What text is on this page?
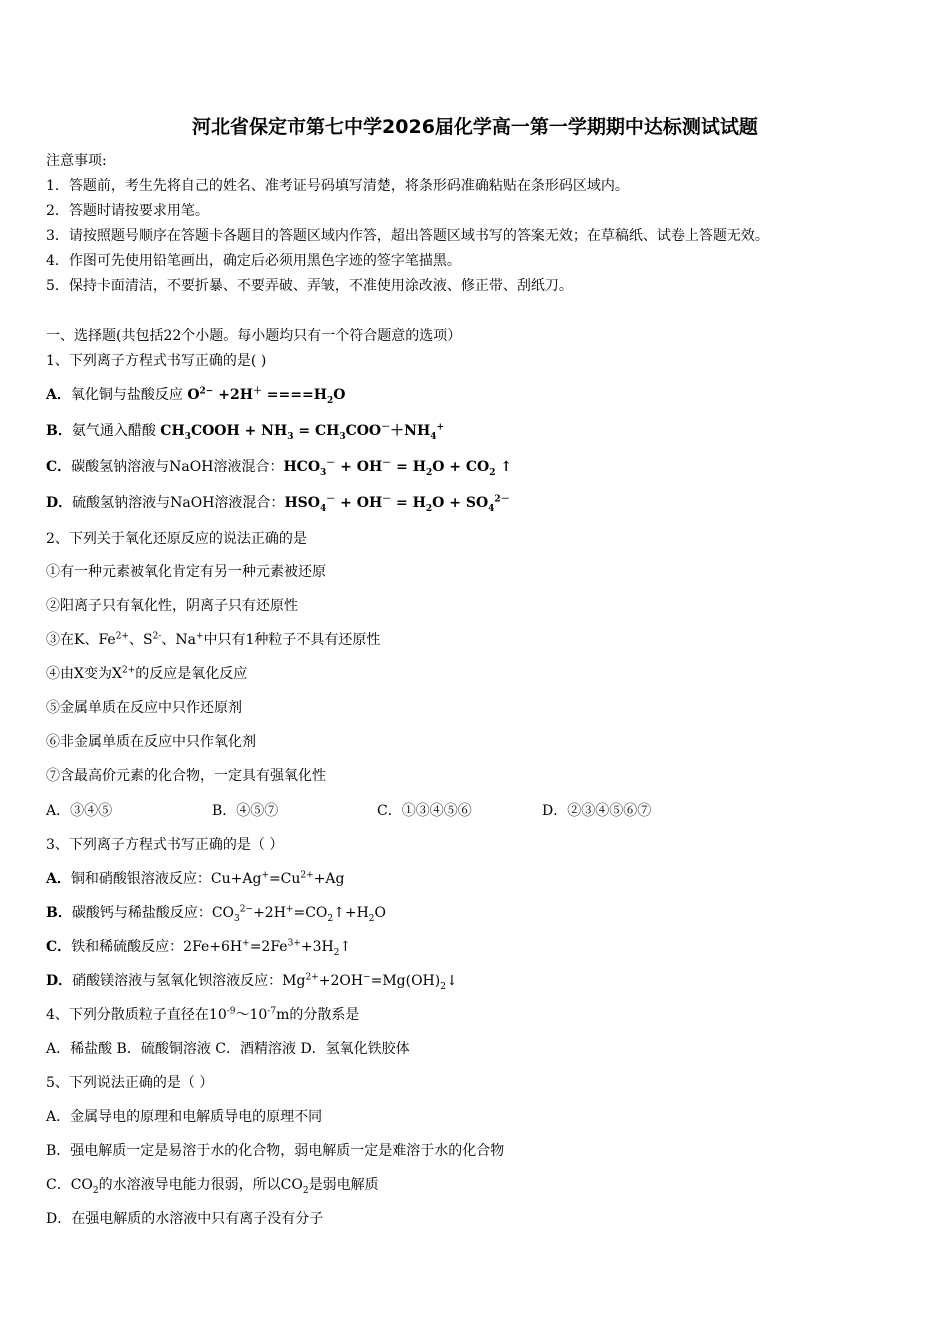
河北省保定市第七中学2026届化学高一第一学期期中达标测试试题
注意事项:
1．答题前，考生先将自己的姓名、准考证号码填写清楚，将条形码准确粘贴在条形码区域内。
2．答题时请按要求用笔。
3．请按照题号顺序在答题卡各题目的答题区域内作答，超出答题区域书写的答案无效；在草稿纸、试卷上答题无效。
4．作图可先使用铅笔画出，确定后必须用黑色字迹的签字笔描黑。
5．保持卡面清洁，不要折暴、不要弄破、弄皱，不准使用涂改液、修正带、刮纸刀。
一、选择题(共包括22个小题。每小题均只有一个符合题意的选项）
1、下列离子方程式书写正确的是( )
A．氧化铜与盐酸反应 $O^{2-} +2H^+ ====H_2O$
B．氨气通入醋酸 $CH_3COOH + NH_3 = CH_3COO^-+NH_4^+$
C．碳酸氢钠溶液与NaOH溶液混合：$HCO_3^- + OH^- = H_2O + CO_2$ ↑
D．硫酸氢钠溶液与NaOH溶液混合：$HSO_4^- + OH^- = H_2O + SO_4^{2-}$
2、下列关于氧化还原反应的说法正确的是
①有一种元素被氧化肯定有另一种元素被还原
②阳离子只有氧化性，阴离子只有还原性
③在K、$Fe^{2+}$、$S^{2-}$、Na+中只有1种粒子不具有还原性
④由X变为$X^{2+}$的反应是氧化反应
⑤金属单质在反应中只作还原剂
⑥非金属单质在反应中只作氧化剂
⑦含最高价元素的化合物，一定具有强氧化性
A．③④⑤	B．④⑤⑦	C．①③④⑤⑥	D．②③④⑤⑥⑦
3、下列离子方程式书写正确的是（ ）
A．铜和硝酸银溶液反应：$Cu+Ag^+=Cu^{2+}+Ag$
B．碳酸钙与稀盐酸反应：$CO_3^{2-}+2H^+=CO_2↑+H_2O$
C．铁和稀硫酸反应：$2Fe+6H^+=2Fe^{3+}+3H_2↑$
D．硝酸镁溶液与氢氧化钡溶液反应：$Mg^{2+}+2OH^-=Mg(OH)_2↓$
4、下列分散质粒子直径在$10^{-9}\sim 10^{-7}m$的分散系是
A．稀盐酸 B．硫酸铜溶液 C．酒精溶液 D．氢氧化铁胶体
5、下列说法正确的是（ ）
A．金属导电的原理和电解质导电的原理不同
B．强电解质一定是易溶于水的化合物，弱电解质一定是难溶于水的化合物
C．$CO_2$的水溶液导电能力很弱，所以$CO_2$是弱电解质
D．在强电解质的水溶液中只有离子没有分子
